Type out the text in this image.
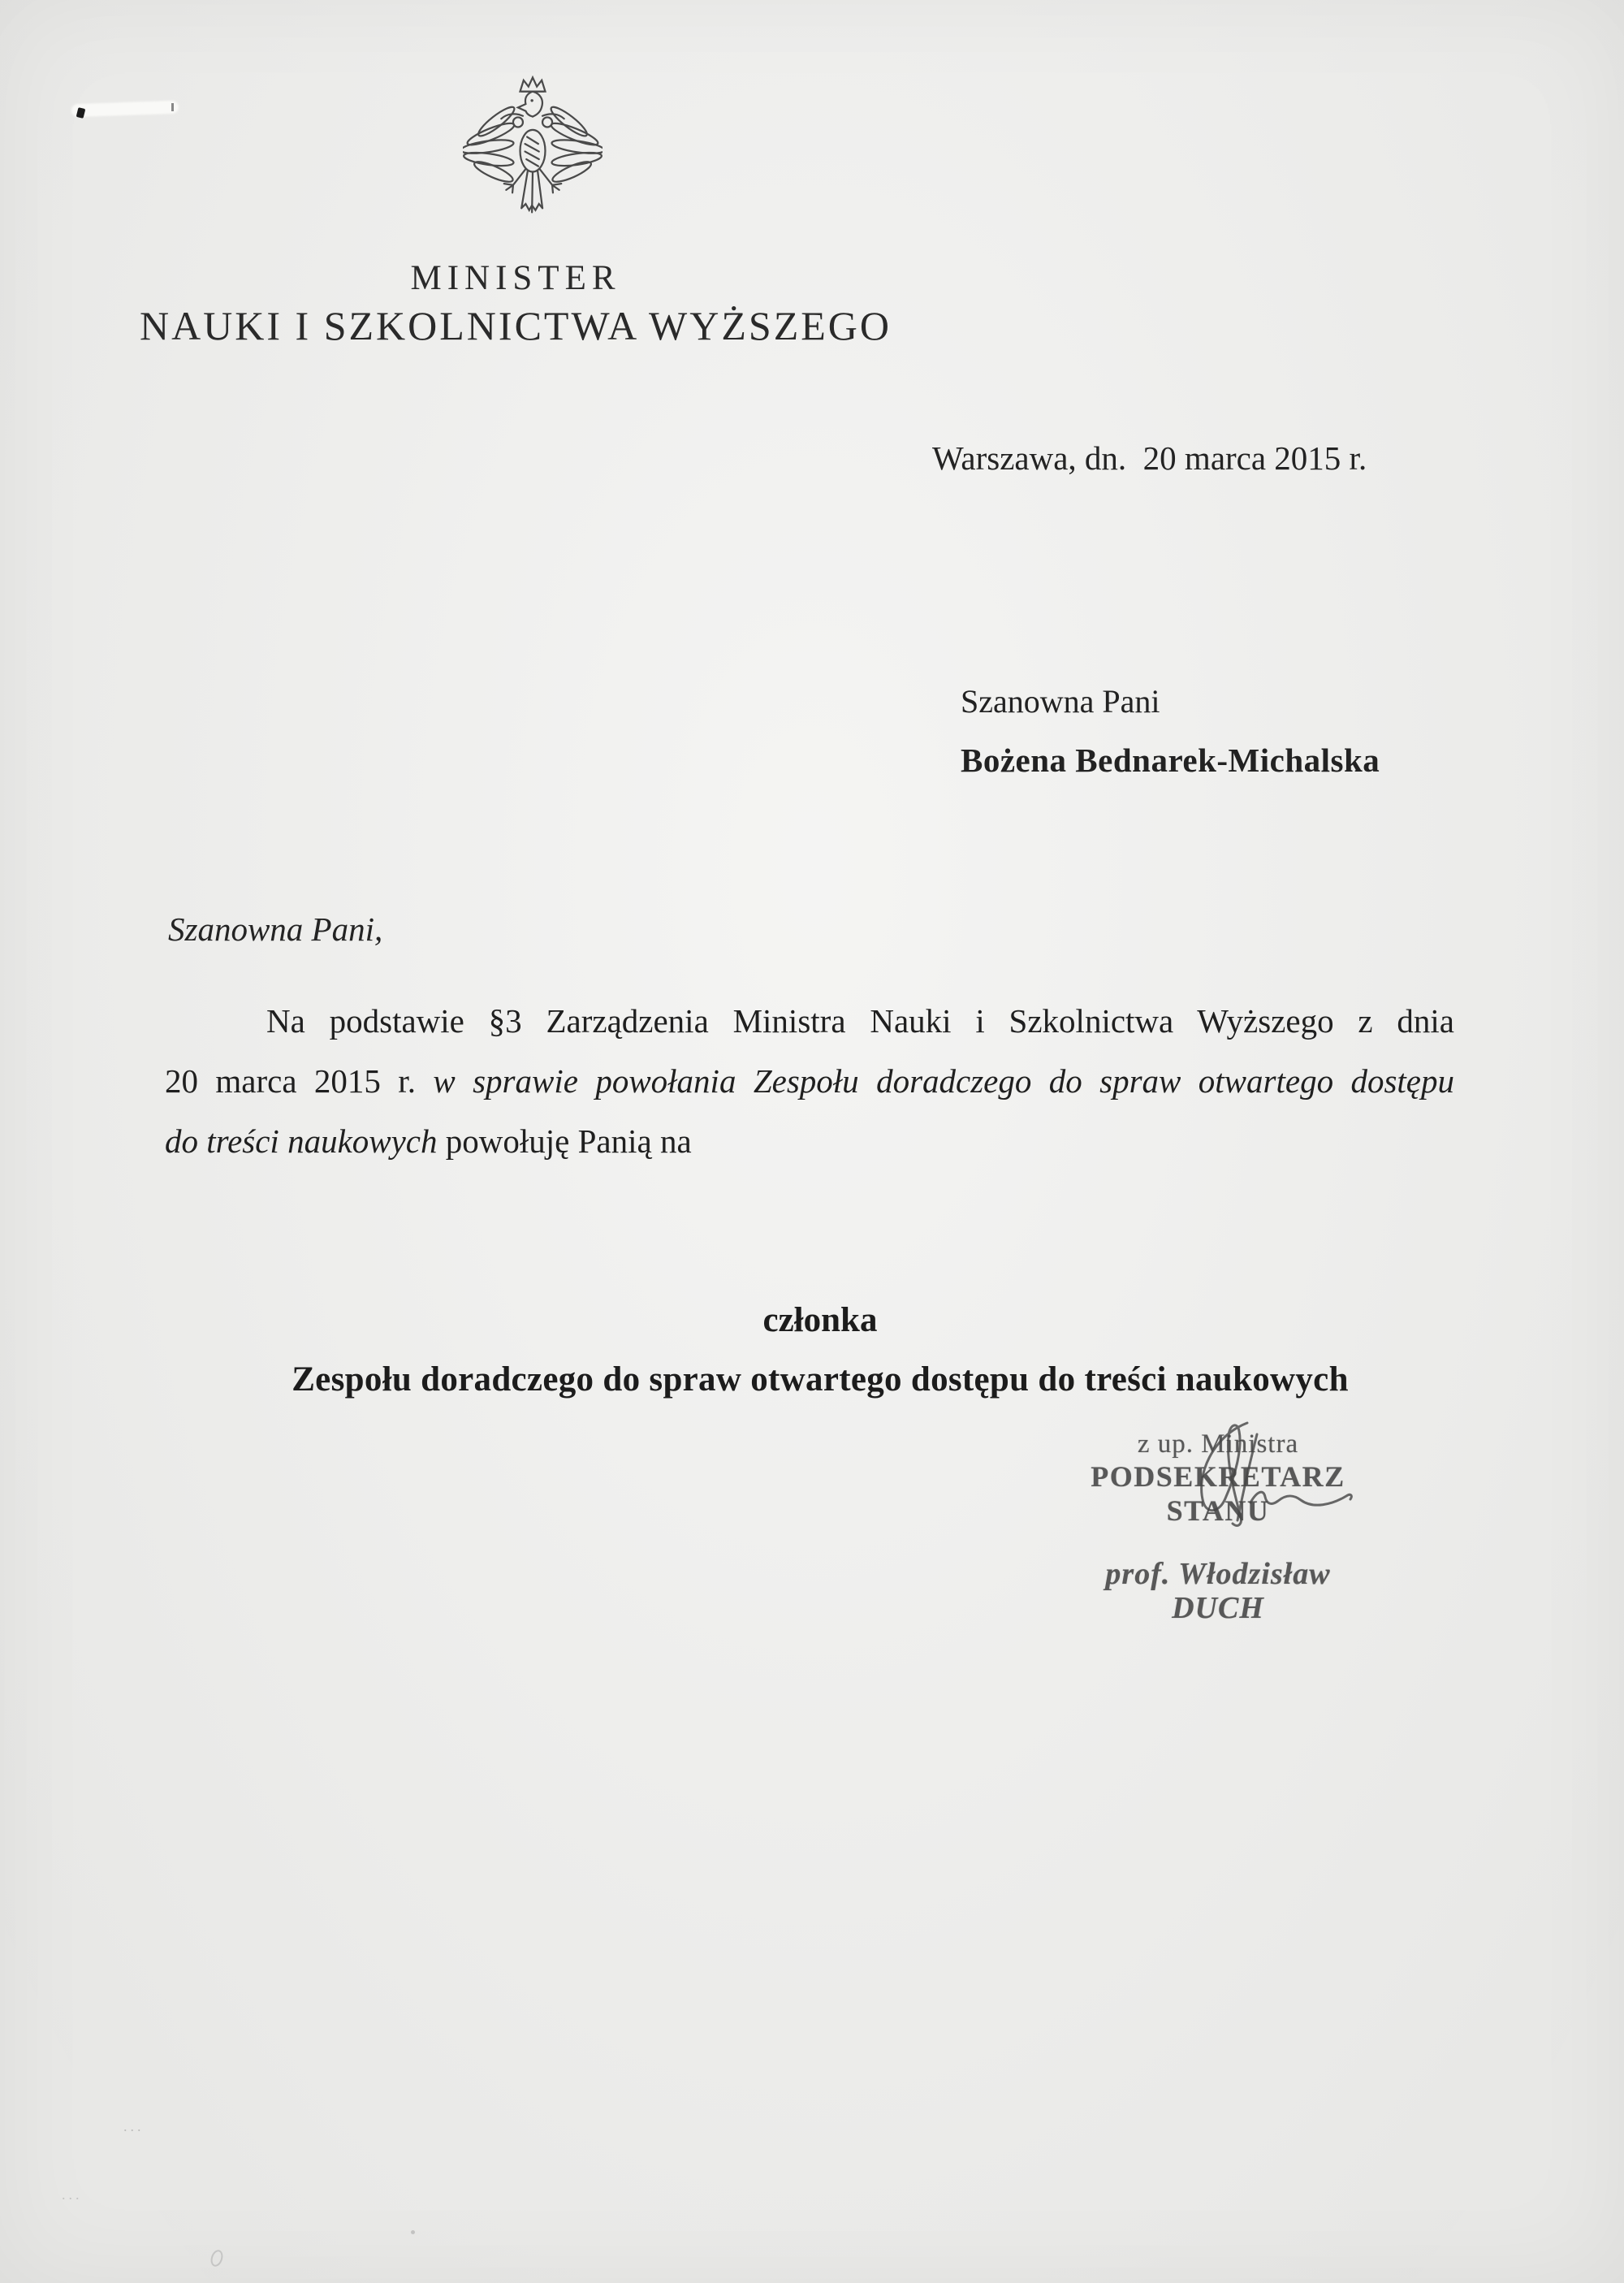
MINISTER
NAUKI I SZKOLNICTWA WYŻSZEGO
Warszawa, dn.  20 marca 2015 r.
Szanowna Pani
Bożena Bednarek-Michalska
Szanowna Pani,
Na podstawie §3 Zarządzenia Ministra Nauki i Szkolnictwa Wyższego z dnia
20 marca 2015 r. w sprawie powołania Zespołu doradczego do spraw otwartego dostępu
do treści naukowych powołuję Panią na
członka
Zespołu doradczego do spraw otwartego dostępu do treści naukowych
z up. Ministra
PODSEKRETARZ STANU
prof. Włodzisław DUCH
...
...
